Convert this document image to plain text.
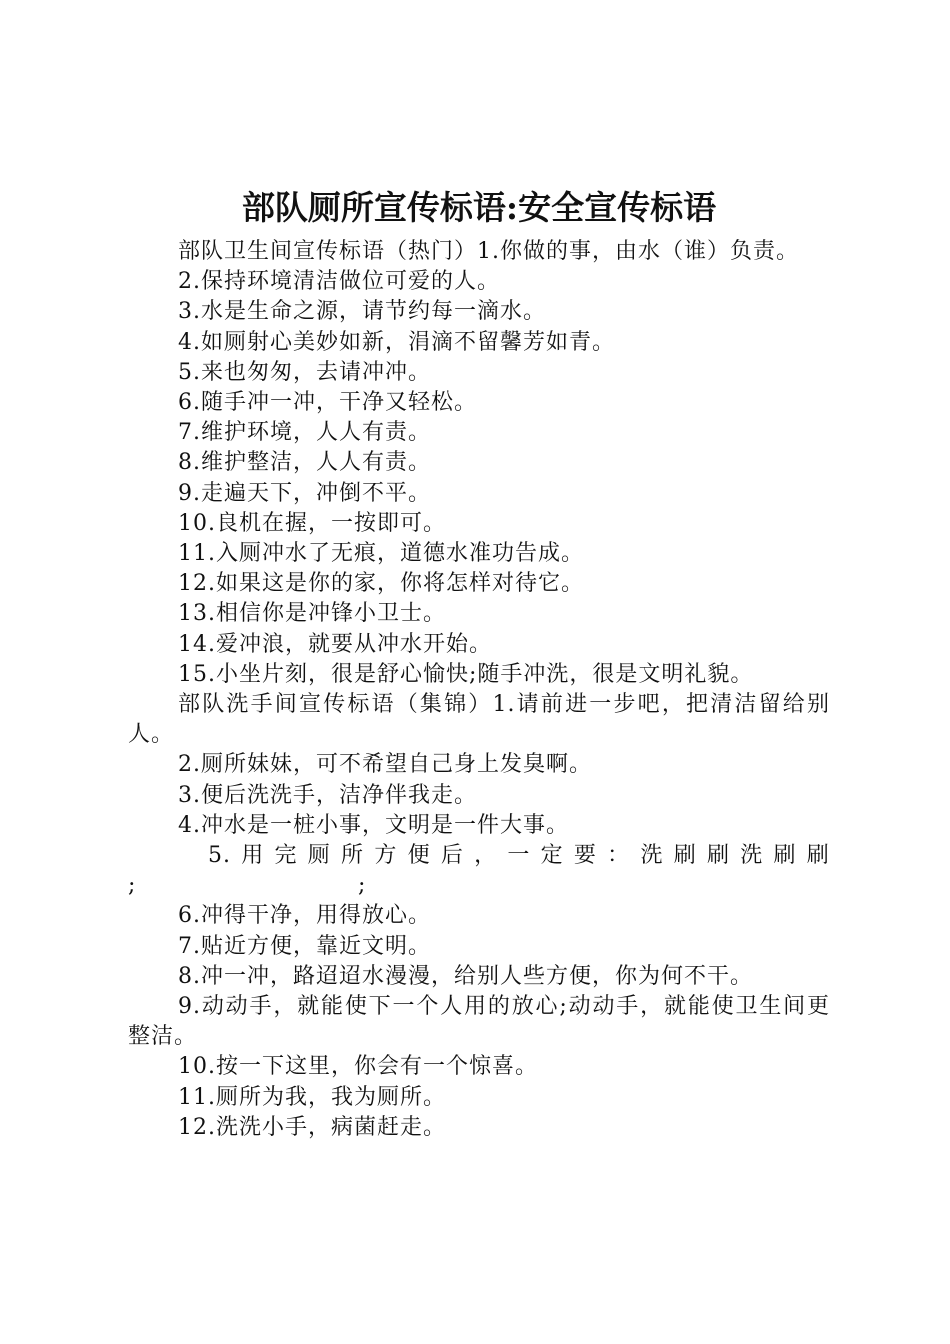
部队厕所宣传标语:安全宣传标语

部队卫生间宣传标语（热门）1.你做的事，由水（谁）负责。

2.保持环境清洁做位可爱的人。

3.水是生命之源，请节约每一滴水。

4.如厕射心美妙如新，涓滴不留馨芳如青。

5.来也匆匆，去请冲冲。

6.随手冲一冲，干净又轻松。

7.维护环境，人人有责。

8.维护整洁，人人有责。

9.走遍天下，冲倒不平。

10.良机在握，一按即可。

11.入厕冲水了无痕，道德水准功告成。

12.如果这是你的家，你将怎样对待它。

13.相信你是冲锋小卫士。

14.爱冲浪，就要从冲水开始。

15.小坐片刻，很是舒心愉快;随手冲洗，很是文明礼貌。

部队洗手间宣传标语（集锦）1.请前进一步吧，把清洁留给别人。

2.厕所妹妹，可不希望自己身上发臭啊。

3.便后洗洗手，洁净伴我走。

4.冲水是一桩小事，文明是一件大事。

5. 用 完 厕 所 方 便 后 ， 一 定 要 ： 洗 刷 刷 洗 刷 刷

;	;

6.冲得干净，用得放心。

7.贴近方便，靠近文明。

8.冲一冲，路迢迢水漫漫，给别人些方便，你为何不干。

9.动动手，就能使下一个人用的放心;动动手，就能使卫生间更整洁。

10.按一下这里，你会有一个惊喜。

11.厕所为我，我为厕所。

12.洗洗小手，病菌赶走。
